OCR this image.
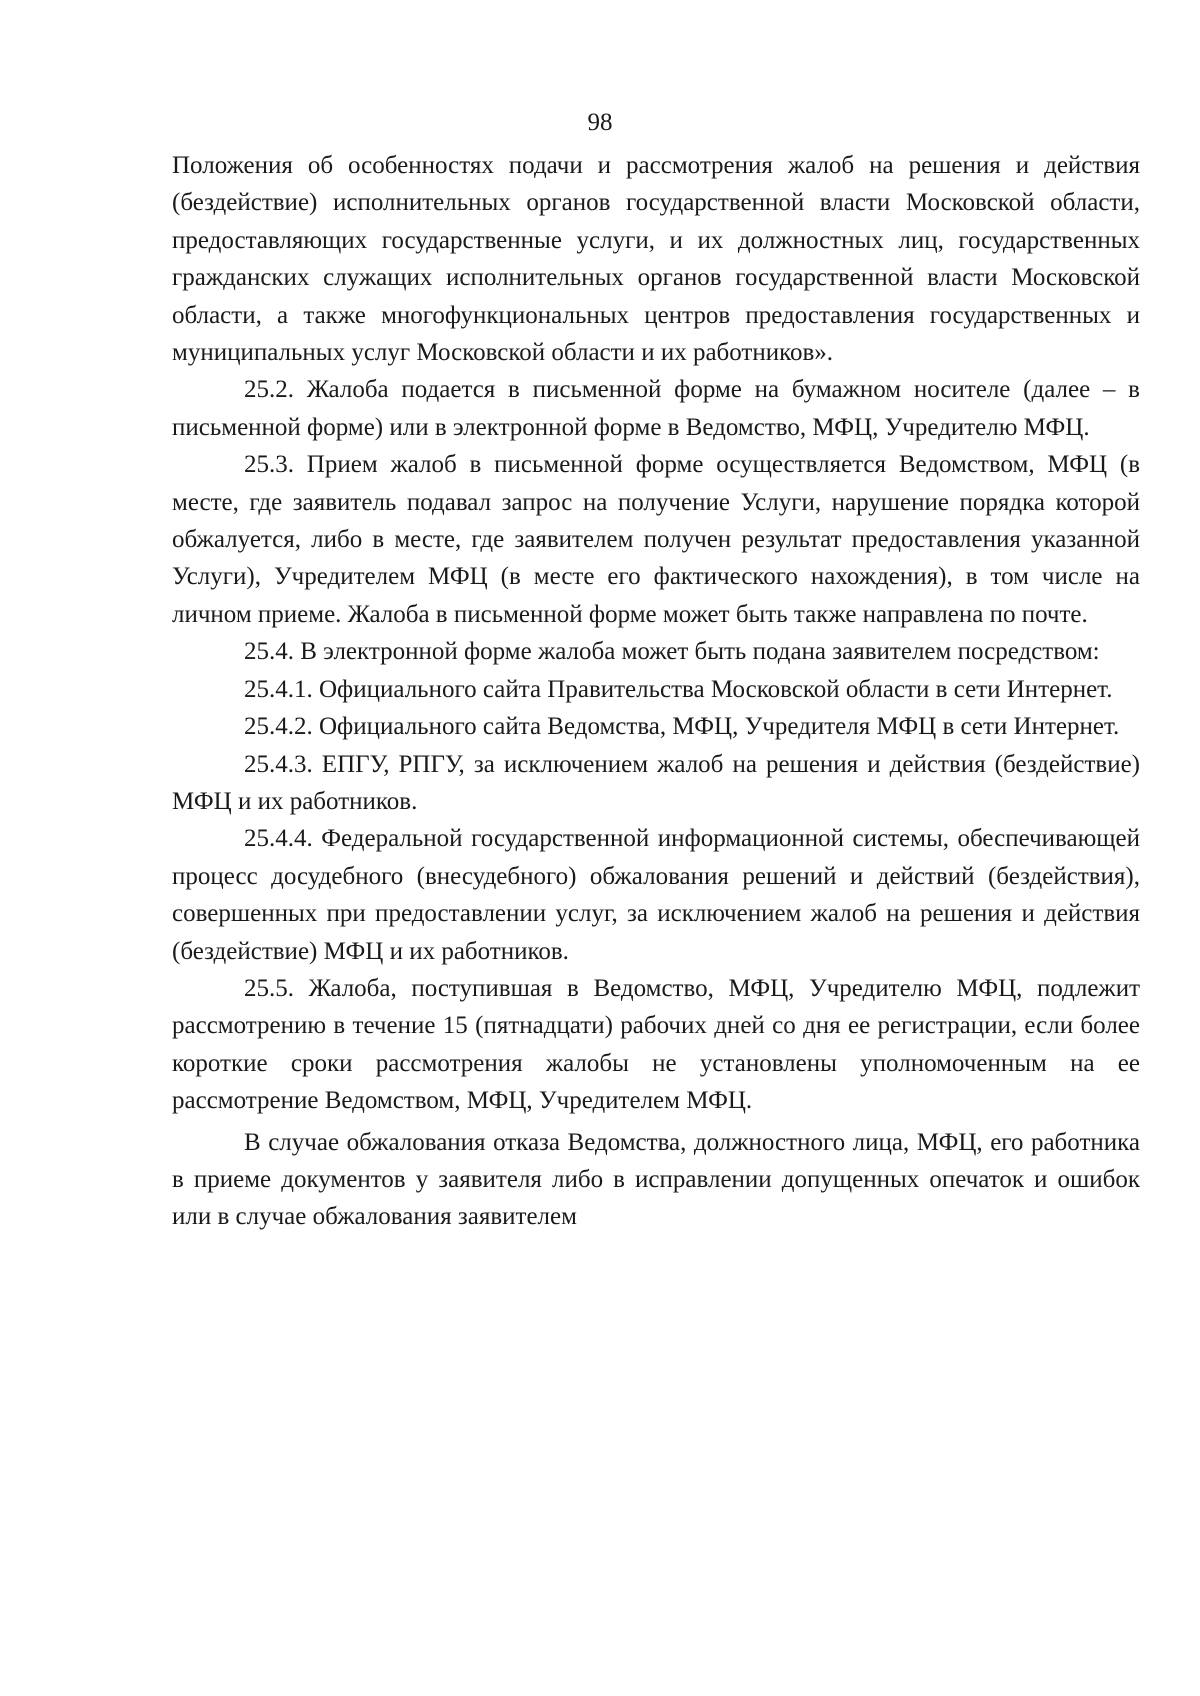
98

Положения об особенностях подачи и рассмотрения жалоб на решения и действия (бездействие) исполнительных органов государственной власти Московской области, предоставляющих государственные услуги, и их должностных лиц, государственных гражданских служащих исполнительных органов государственной власти Московской области, а также многофункциональных центров предоставления государственных и муниципальных услуг Московской области и их работников».

25.2. Жалоба подается в письменной форме на бумажном носителе (далее – в письменной форме) или в электронной форме в Ведомство, МФЦ, Учредителю МФЦ.

25.3. Прием жалоб в письменной форме осуществляется Ведомством, МФЦ (в месте, где заявитель подавал запрос на получение Услуги, нарушение порядка которой обжалуется, либо в месте, где заявителем получен результат предоставления указанной Услуги), Учредителем МФЦ (в месте его фактического нахождения), в том числе на личном приеме. Жалоба в письменной форме может быть также направлена по почте.

25.4. В электронной форме жалоба может быть подана заявителем посредством:

25.4.1. Официального сайта Правительства Московской области в сети Интернет.

25.4.2. Официального сайта Ведомства, МФЦ, Учредителя МФЦ в сети Интернет.

25.4.3. ЕПГУ, РПГУ, за исключением жалоб на решения и действия (бездействие) МФЦ и их работников.

25.4.4. Федеральной государственной информационной системы, обеспечивающей процесс досудебного (внесудебного) обжалования решений и действий (бездействия), совершенных при предоставлении услуг, за исключением жалоб на решения и действия (бездействие) МФЦ и их работников.

25.5. Жалоба, поступившая в Ведомство, МФЦ, Учредителю МФЦ, подлежит рассмотрению в течение 15 (пятнадцати) рабочих дней со дня ее регистрации, если более короткие сроки рассмотрения жалобы не установлены уполномоченным на ее рассмотрение Ведомством, МФЦ, Учредителем МФЦ.

В случае обжалования отказа Ведомства, должностного лица, МФЦ, его работника в приеме документов у заявителя либо в исправлении допущенных опечаток и ошибок или в случае обжалования заявителем
